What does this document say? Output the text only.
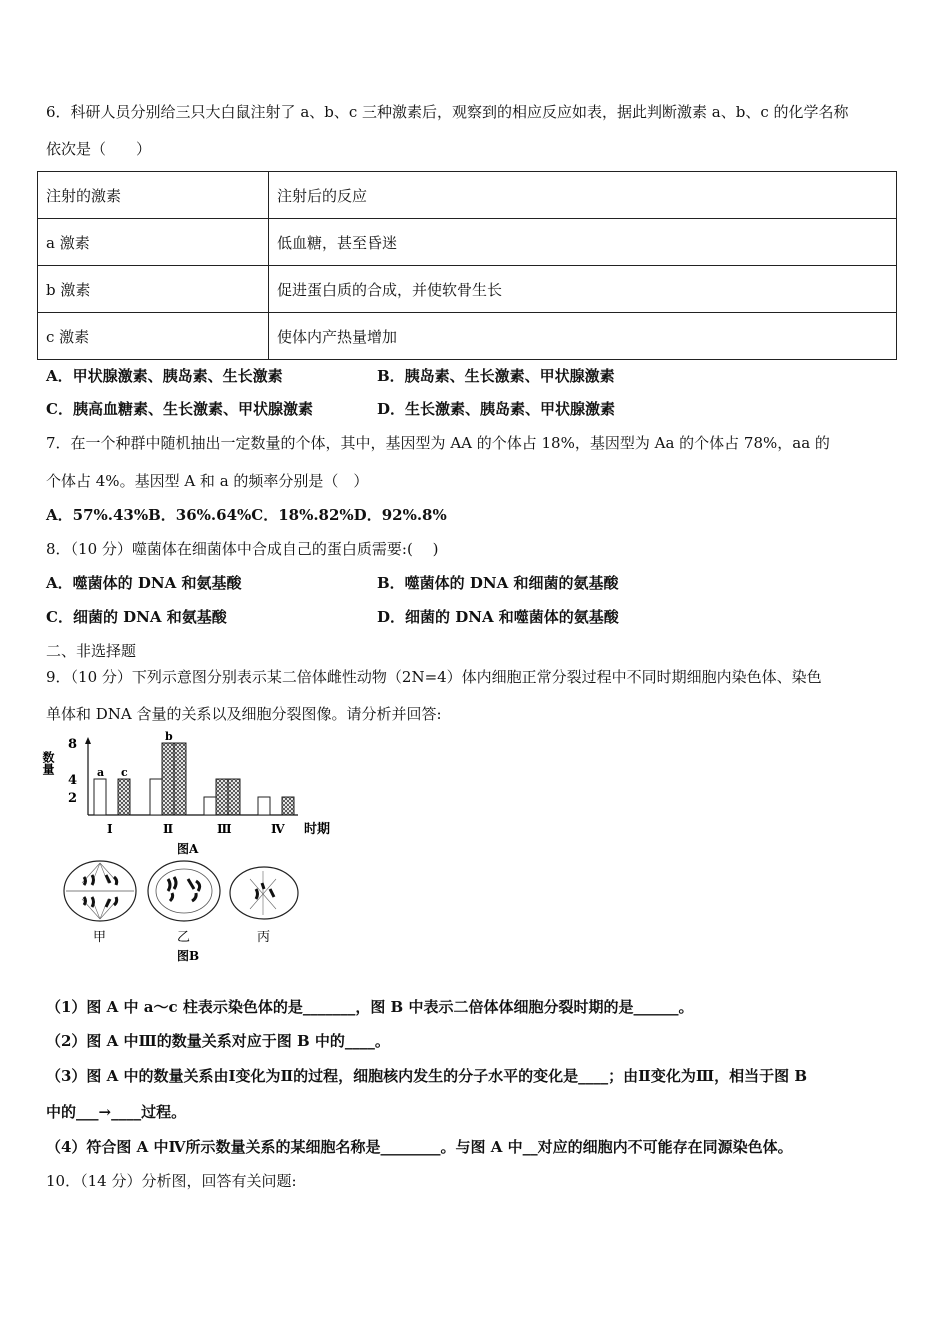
6．科研人员分别给三只大白鼠注射了 a、b、c 三种激素后，观察到的相应反应如表，据此判断激素 a、b、c 的化学名称
依次是（　　）
注射的激素	注射后的反应
a 激素	低血糖，甚至昏迷
b 激素	促进蛋白质的合成，并使软骨生长
c 激素	使体内产热量增加
A．甲状腺激素、胰岛素、生长激素	B．胰岛素、生长激素、甲状腺激素
C．胰高血糖素、生长激素、甲状腺激素	D．生长激素、胰岛素、甲状腺激素
7．在一个种群中随机抽出一定数量的个体，其中，基因型为 AA 的个体占 18%，基因型为 Aa 的个体占 78%，aa 的
个体占 4%。基因型 A 和 a 的频率分别是（　）
A．57%.43%B．36%.64%C．18%.82%D．92%.8%
8．（10 分）噬菌体在细菌体中合成自己的蛋白质需要:(　 )
A．噬菌体的 DNA 和氨基酸	B．噬菌体的 DNA 和细菌的氨基酸
C．细菌的 DNA 和氨基酸	D．细菌的 DNA 和噬菌体的氨基酸
二、非选择题
9．（10 分）下列示意图分别表示某二倍体雌性动物（2N=4）体内细胞正常分裂过程中不同时期细胞内染色体、染色
单体和 DNA 含量的关系以及细胞分裂图像。请分析并回答:
数量
2
4
8
Ⅰ	Ⅱ	Ⅲ	Ⅳ
a c
b
时期
图A
甲	乙	丙
图B
（1）图 A 中 a～c 柱表示染色体的是_______，图 B 中表示二倍体体细胞分裂时期的是______。
（2）图 A 中Ⅲ的数量关系对应于图 B 中的____。
（3）图 A 中的数量关系由Ⅰ变化为Ⅱ的过程，细胞核内发生的分子水平的变化是____；由Ⅱ变化为Ⅲ，相当于图 B
中的___→____过程。
（4）符合图 A 中Ⅳ所示数量关系的某细胞名称是________。与图 A 中__对应的细胞内不可能存在同源染色体。
10．（14 分）分析图，回答有关问题:
